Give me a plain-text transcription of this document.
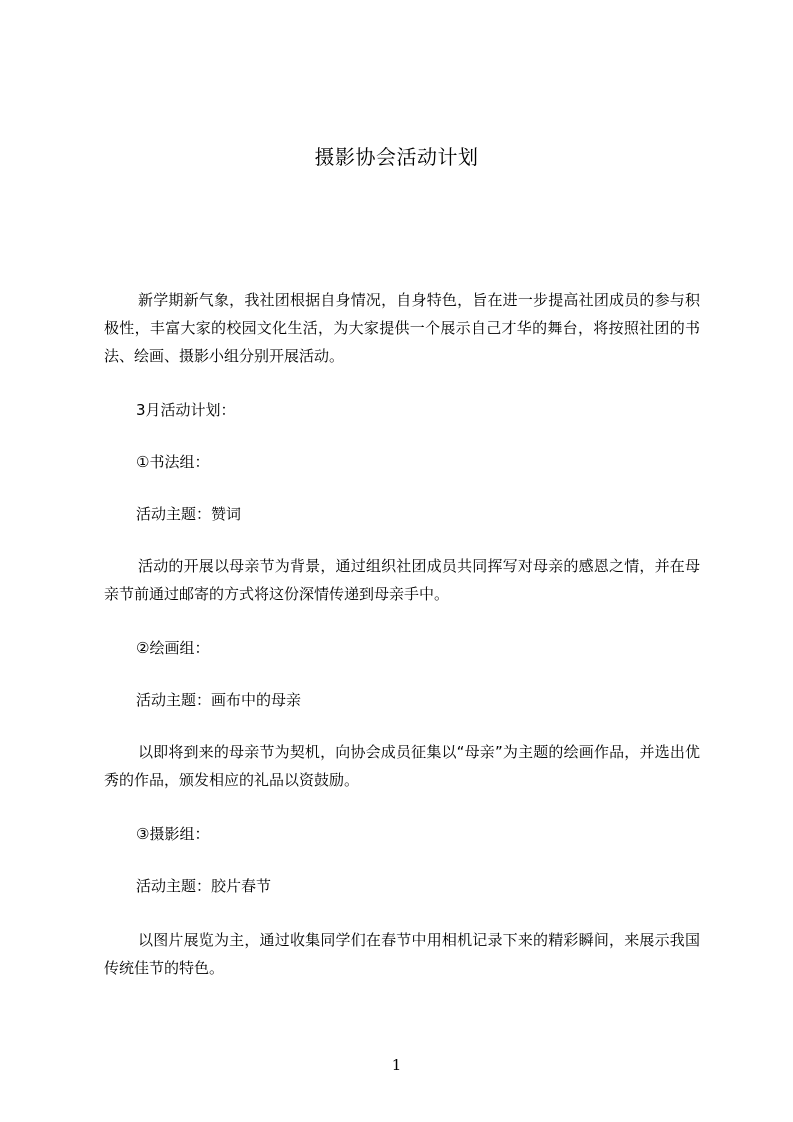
摄影协会活动计划

新学期新气象，我社团根据自身情况，自身特色，旨在进一步提高社团成员的参与积极性，丰富大家的校园文化生活，为大家提供一个展示自己才华的舞台，将按照社团的书法、绘画、摄影小组分别开展活动。

3月活动计划：
①书法组：
活动主题：赞词

活动的开展以母亲节为背景，通过组织社团成员共同挥写对母亲的感恩之情，并在母亲节前通过邮寄的方式将这份深情传递到母亲手中。

②绘画组：
活动主题：画布中的母亲

以即将到来的母亲节为契机，向协会成员征集以“母亲”为主题的绘画作品，并选出优秀的作品，颁发相应的礼品以资鼓励。

③摄影组：
活动主题：胶片春节

以图片展览为主，通过收集同学们在春节中用相机记录下来的精彩瞬间，来展示我国传统佳节的特色。

1
